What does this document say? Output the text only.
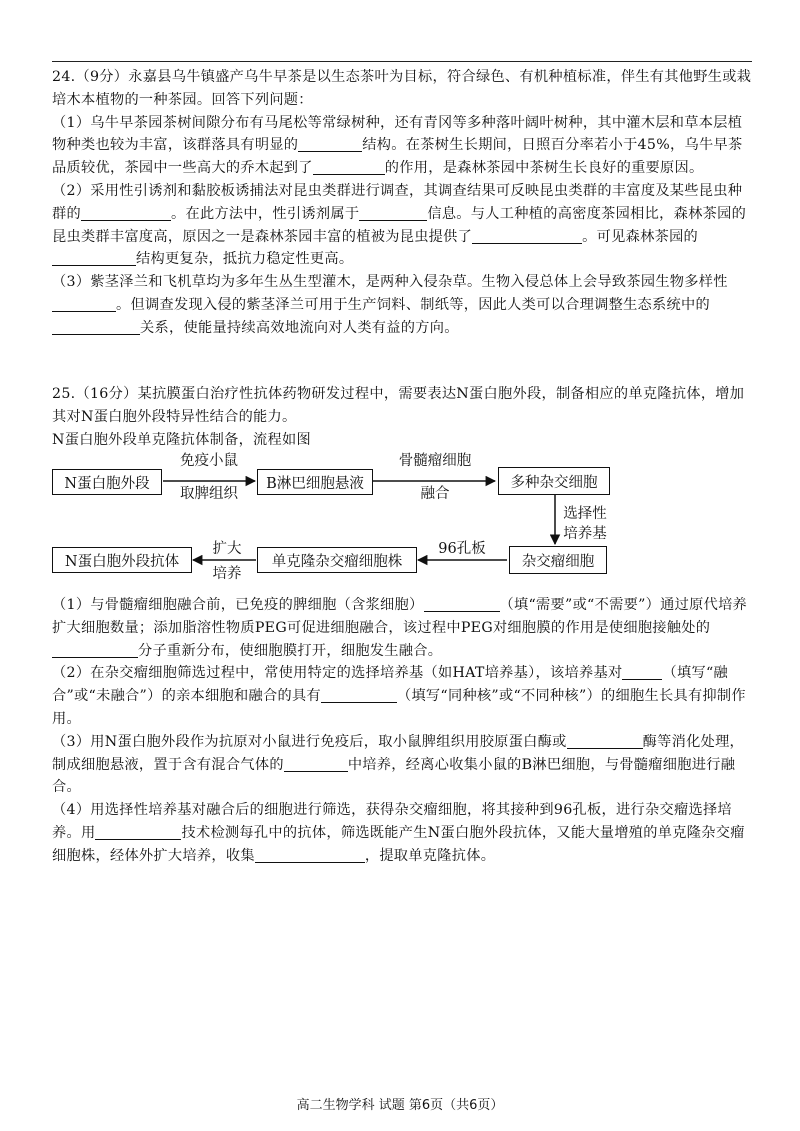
24.（9分）永嘉县乌牛镇盛产乌牛早茶是以生态茶叶为目标，符合绿色、有机种植标准，伴生有其他野生或栽培木本植物的一种茶园。回答下列问题：

（1）乌牛早茶园茶树间隙分布有马尾松等常绿树种，还有青冈等多种落叶阔叶树种，其中灌木层和草本层植物种类也较为丰富，该群落具有明显的	结构。在茶树生长期间，日照百分率若小于45%，乌牛早茶品质较优，茶园中一些高大的乔木起到了	的作用，是森林茶园中茶树生长良好的重要原因。

（2）采用性引诱剂和黏胶板诱捕法对昆虫类群进行调查，其调查结果可反映昆虫类群的丰富度及某些昆虫种群的	。在此方法中，性引诱剂属于	信息。与人工种植的高密度茶园相比，森林茶园的昆虫类群丰富度高，原因之一是森林茶园丰富的植被为昆虫提供了	。可见森林茶园的结构更复杂，抵抗力稳定性更高。

（3）紫茎泽兰和飞机草均为多年生丛生型灌木，是两种入侵杂草。生物入侵总体上会导致茶园生物多样性。但调查发现入侵的紫茎泽兰可用于生产饲料、制纸等，因此人类可以合理调整生态系统中的关系，使能量持续高效地流向对人类有益的方向。

25.（16分）某抗膜蛋白治疗性抗体药物研发过程中，需要表达N蛋白胞外段，制备相应的单克隆抗体，增加其对N蛋白胞外段特异性结合的能力。

N蛋白胞外段单克隆抗体制备，流程如图

N蛋白胞外段
免疫小鼠
取脾组织
B淋巴细胞悬液
骨髓瘤细胞
融合
多种杂交细胞
选择性
培养基
杂交瘤细胞
96孔板
单克隆杂交瘤细胞株
扩大
培养
N蛋白胞外段抗体

（1）与骨髓瘤细胞融合前，已免疫的脾细胞（含浆细胞）	（填“需要”或“不需要”）通过原代培养扩大细胞数量；添加脂溶性物质PEG可促进细胞融合，该过程中PEG对细胞膜的作用是使细胞接触处的分子重新分布，使细胞膜打开，细胞发生融合。

（2）在杂交瘤细胞筛选过程中，常使用特定的选择培养基（如HAT培养基），该培养基对	（填写“融合”或“未融合”）的亲本细胞和融合的具有	（填写“同种核”或“不同种核”）的细胞生长具有抑制作用。

（3）用N蛋白胞外段作为抗原对小鼠进行免疫后，取小鼠脾组织用胶原蛋白酶或	酶等消化处理，制成细胞悬液，置于含有混合气体的	中培养，经离心收集小鼠的B淋巴细胞，与骨髓瘤细胞进行融合。

（4）用选择性培养基对融合后的细胞进行筛选，获得杂交瘤细胞，将其接种到96孔板，进行杂交瘤选择培养。用	技术检测每孔中的抗体，筛选既能产生N蛋白胞外段抗体，又能大量增殖的单克隆杂交瘤细胞株，经体外扩大培养，收集	，提取单克隆抗体。

高二生物学科 试题 第6页（共6页）
